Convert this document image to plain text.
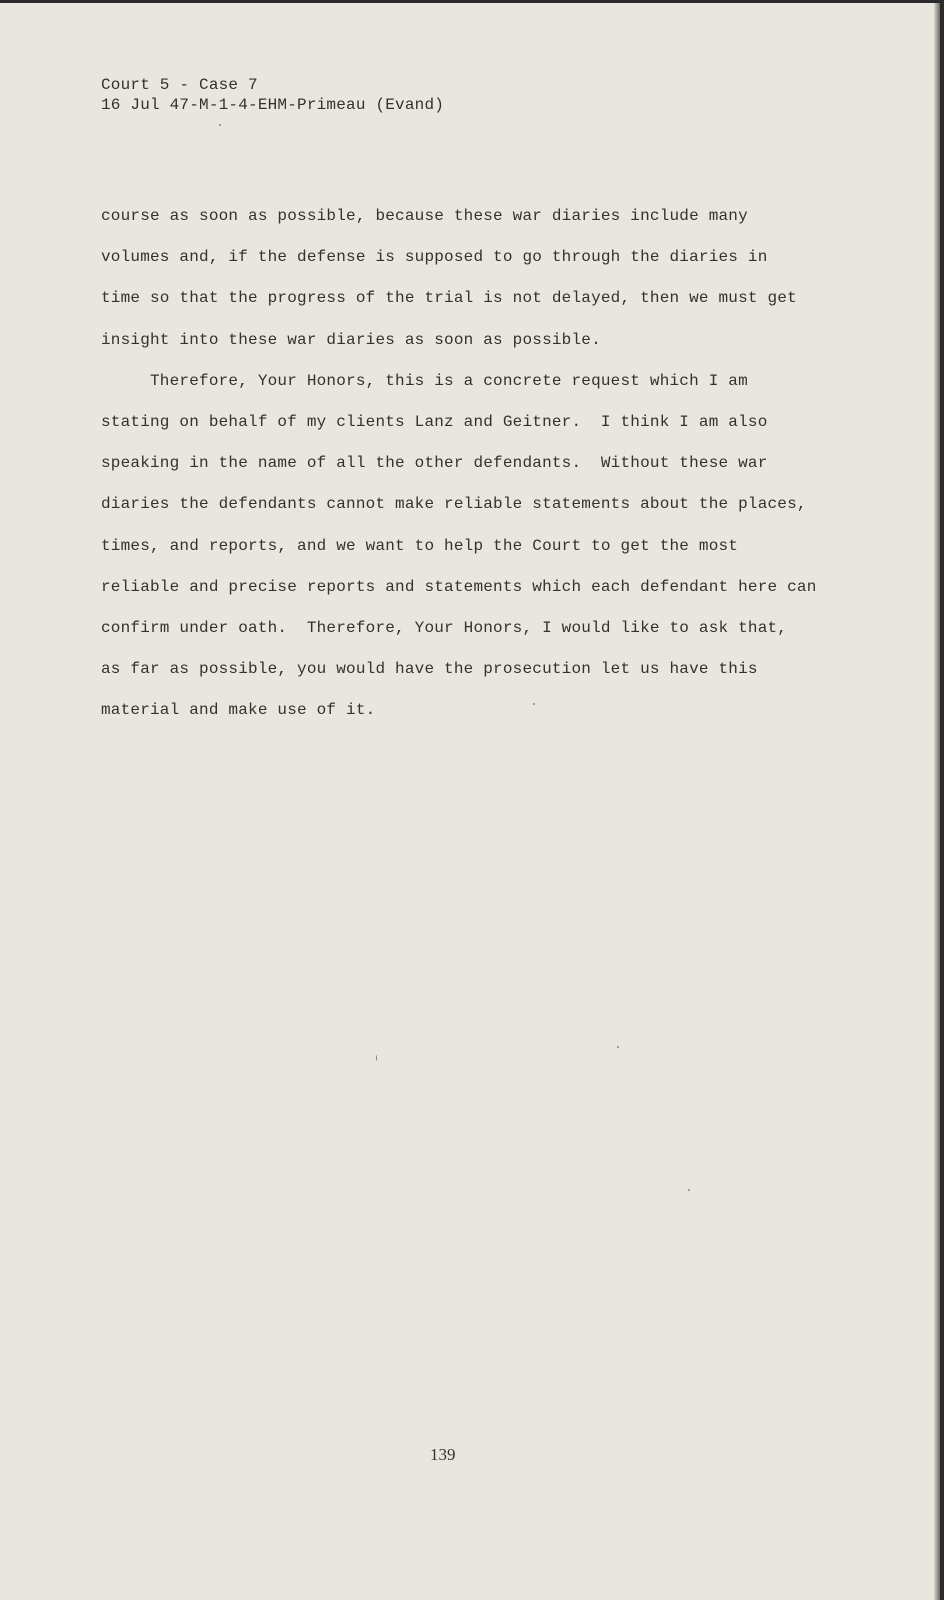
Court 5 - Case 7
16 Jul 47-M-1-4-EHM-Primeau (Evand)
course as soon as possible, because these war diaries include many
volumes and, if the defense is supposed to go through the diaries in
time so that the progress of the trial is not delayed, then we must get
insight into these war diaries as soon as possible.
Therefore, Your Honors, this is a concrete request which I am
stating on behalf of my clients Lanz and Geitner.  I think I am also
speaking in the name of all the other defendants.  Without these war
diaries the defendants cannot make reliable statements about the places,
times, and reports, and we want to help the Court to get the most
reliable and precise reports and statements which each defendant here can
confirm under oath.  Therefore, Your Honors, I would like to ask that,
as far as possible, you would have the prosecution let us have this
material and make use of it.
139
